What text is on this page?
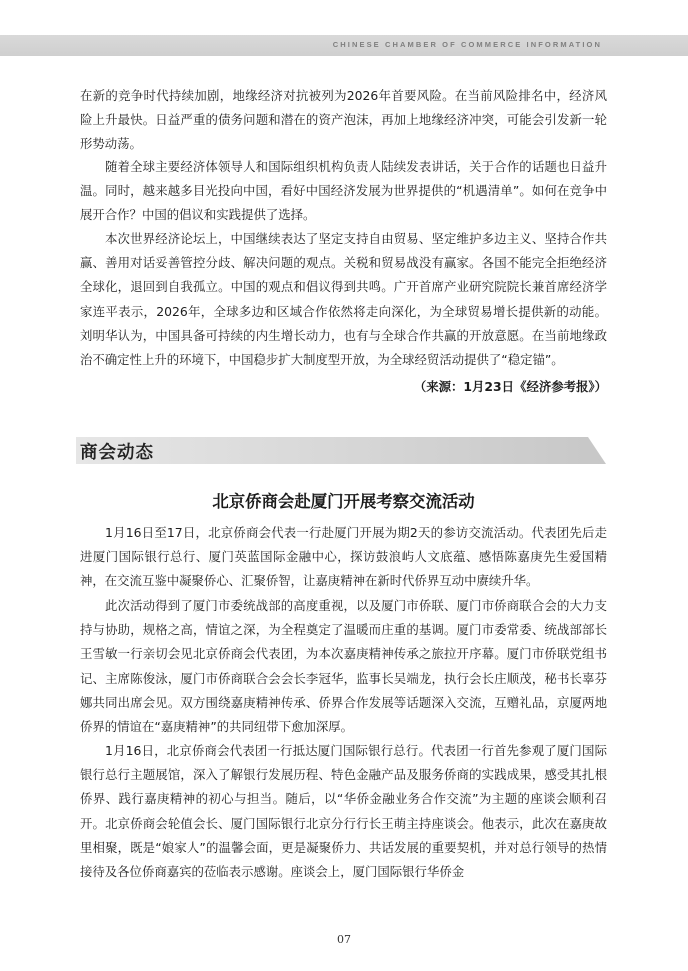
CHINESE CHAMBER OF COMMERCE INFORMATION

在新的竞争时代持续加剧，地缘经济对抗被列为2026年首要风险。在当前风险排名中，经济风险上升最快。日益严重的债务问题和潜在的资产泡沫，再加上地缘经济冲突，可能会引发新一轮形势动荡。

随着全球主要经济体领导人和国际组织机构负责人陆续发表讲话，关于合作的话题也日益升温。同时，越来越多目光投向中国，看好中国经济发展为世界提供的“机遇清单”。如何在竞争中展开合作？中国的倡议和实践提供了选择。

本次世界经济论坛上，中国继续表达了坚定支持自由贸易、坚定维护多边主义、坚持合作共赢、善用对话妥善管控分歧、解决问题的观点。关税和贸易战没有赢家。各国不能完全拒绝经济全球化，退回到自我孤立。中国的观点和倡议得到共鸣。广开首席产业研究院院长兼首席经济学家连平表示，2026年，全球多边和区域合作依然将走向深化，为全球贸易增长提供新的动能。刘明华认为，中国具备可持续的内生增长动力，也有与全球合作共赢的开放意愿。在当前地缘政治不确定性上升的环境下，中国稳步扩大制度型开放，为全球经贸活动提供了“稳定锚”。

（来源：1月23日《经济参考报》）
商会动态
北京侨商会赴厦门开展考察交流活动

1月16日至17日，北京侨商会代表一行赴厦门开展为期2天的参访交流活动。代表团先后走进厦门国际银行总行、厦门英蓝国际金融中心，探访鼓浪屿人文底蕴、感悟陈嘉庚先生爱国精神，在交流互鉴中凝聚侨心、汇聚侨智，让嘉庚精神在新时代侨界互动中赓续升华。

此次活动得到了厦门市委统战部的高度重视，以及厦门市侨联、厦门市侨商联合会的大力支持与协助，规格之高，情谊之深，为全程奠定了温暖而庄重的基调。厦门市委常委、统战部部长王雪敏一行亲切会见北京侨商会代表团，为本次嘉庚精神传承之旅拉开序幕。厦门市侨联党组书记、主席陈俊泳，厦门市侨商联合会会长李冠华，监事长吴端龙，执行会长庄顺茂，秘书长辜芬娜共同出席会见。双方围绕嘉庚精神传承、侨界合作发展等话题深入交流，互赠礼品，京厦两地侨界的情谊在“嘉庚精神”的共同纽带下愈加深厚。

1月16日，北京侨商会代表团一行抵达厦门国际银行总行。代表团一行首先参观了厦门国际银行总行主题展馆，深入了解银行发展历程、特色金融产品及服务侨商的实践成果，感受其扎根侨界、践行嘉庚精神的初心与担当。随后，以“华侨金融业务合作交流”为主题的座谈会顺利召开。北京侨商会轮值会长、厦门国际银行北京分行行长王萌主持座谈会。他表示，此次在嘉庚故里相聚，既是“娘家人”的温馨会面，更是凝聚侨力、共话发展的重要契机，并对总行领导的热情接待及各位侨商嘉宾的莅临表示感谢。座谈会上，厦门国际银行华侨金

07
